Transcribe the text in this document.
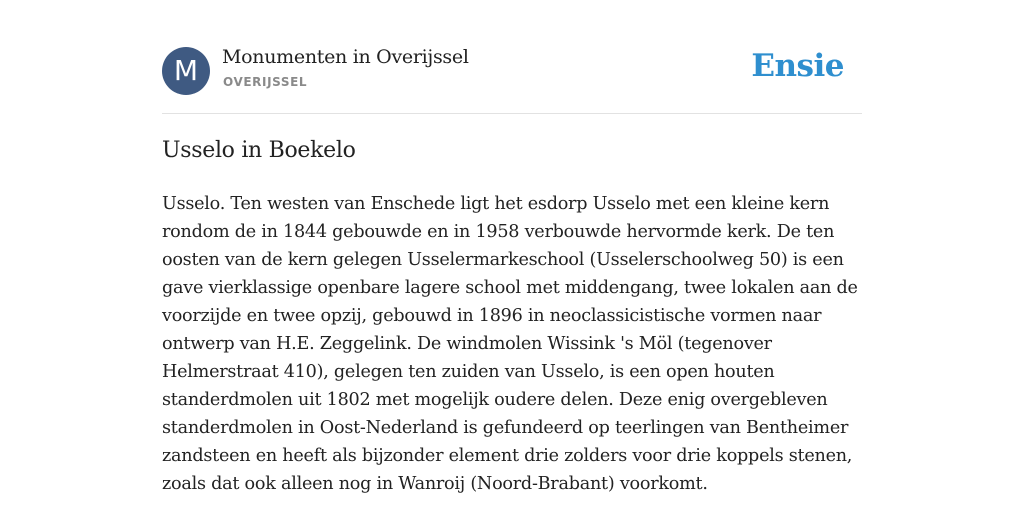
M	Monumenten in Overijssel
OVERIJSSEL	Ensie
Usselo in Boekelo

Usselo. Ten westen van Enschede ligt het esdorp Usselo met een kleine kern
rondom de in 1844 gebouwde en in 1958 verbouwde hervormde kerk. De ten
oosten van de kern gelegen Usselermarkeschool (Usselerschoolweg 50) is een
gave vierklassige openbare lagere school met middengang, twee lokalen aan de
voorzijde en twee opzij, gebouwd in 1896 in neoclassicistische vormen naar
ontwerp van H.E. Zeggelink. De windmolen Wissink 's Möl (tegenover
Helmerstraat 410), gelegen ten zuiden van Usselo, is een open houten
standerdmolen uit 1802 met mogelijk oudere delen. Deze enig overgebleven
standerdmolen in Oost-Nederland is gefundeerd op teerlingen van Bentheimer
zandsteen en heeft als bijzonder element drie zolders voor drie koppels stenen,
zoals dat ook alleen nog in Wanroij (Noord-Brabant) voorkomt.
